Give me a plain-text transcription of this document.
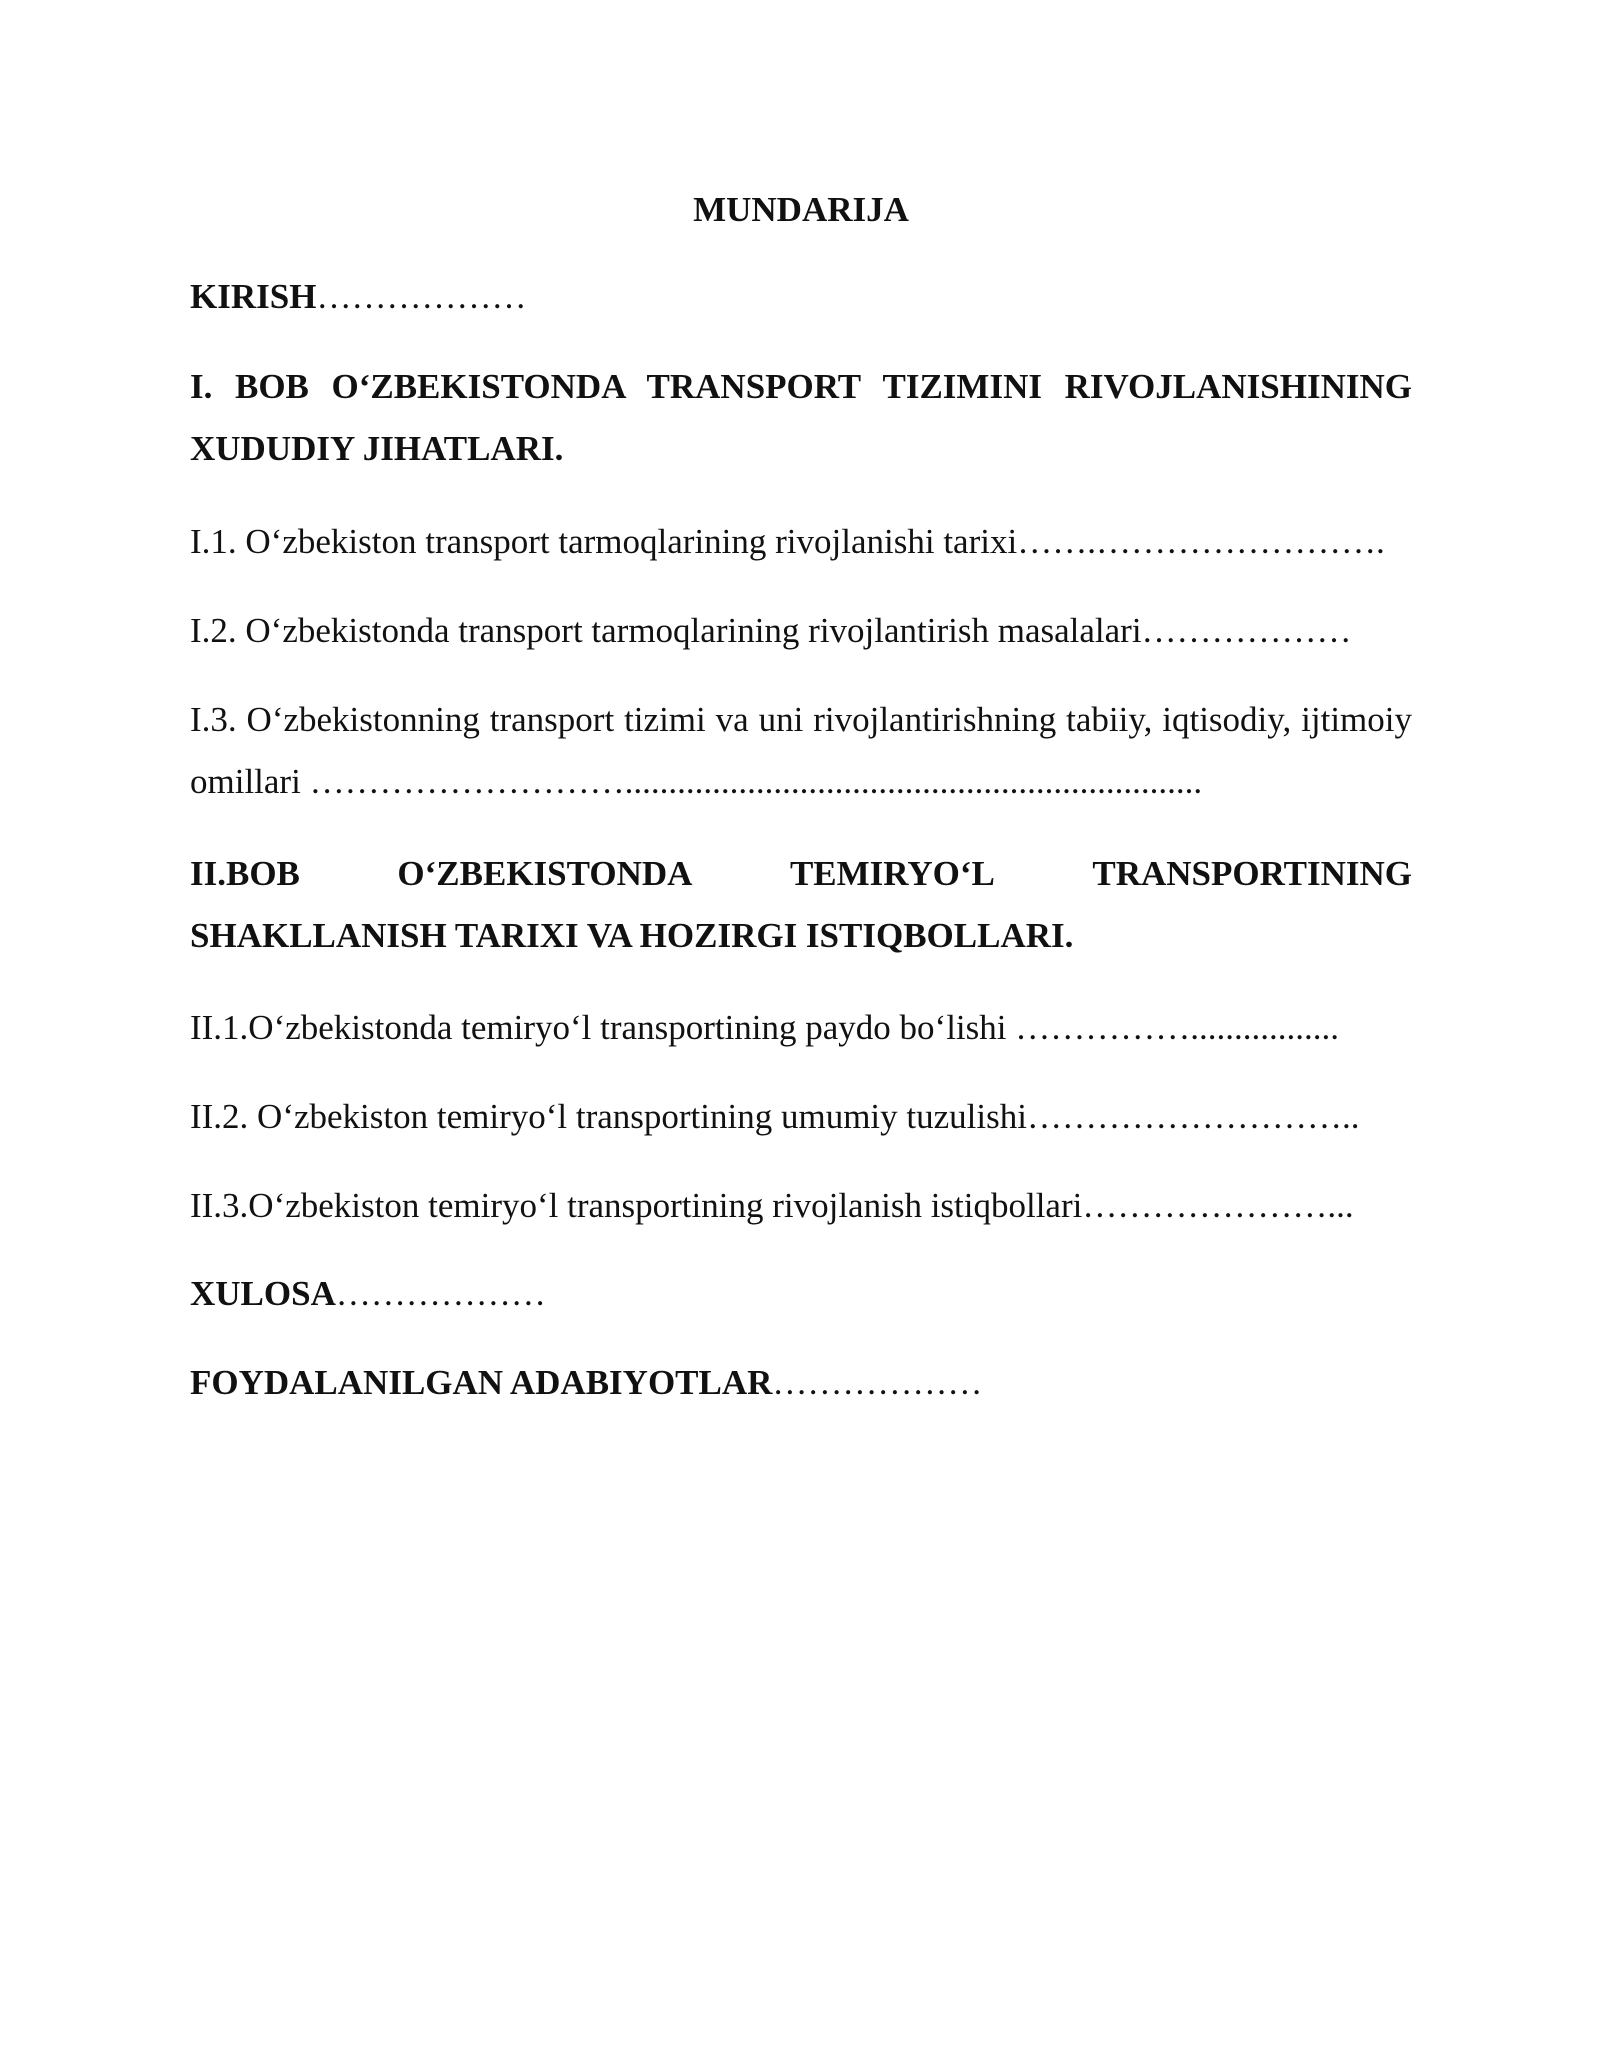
MUNDARIJA

KIRISH………………

I. BOB O‘ZBEKISTONDA TRANSPORT TIZIMINI RIVOJLANISHINING XUDUDIY JIHATLARI.

I.1. O‘zbekiston transport tarmoqlarining rivojlanishi tarixi…….…………………….

I.2. O‘zbekistonda transport tarmoqlarining rivojlantirish masalalari………………

I.3. O‘zbekistonning transport tizimi va uni rivojlantirishning tabiiy, iqtisodiy, ijtimoiy omillari ………………………..................................................................

II.BOB	O‘ZBEKISTONDA	TEMIRYO‘L	TRANSPORTINING
SHAKLLANISH TARIXI VA HOZIRGI ISTIQBOLLARI.

II.1.O‘zbekistonda temiryo‘l transportining paydo bo‘lishi …………….................

II.2. O‘zbekiston temiryo‘l transportining umumiy tuzulishi………………………..

II.3.O‘zbekiston temiryo‘l transportining rivojlanish istiqbollari…………………...

XULOSA………………

FOYDALANILGAN ADABIYOTLAR………………
